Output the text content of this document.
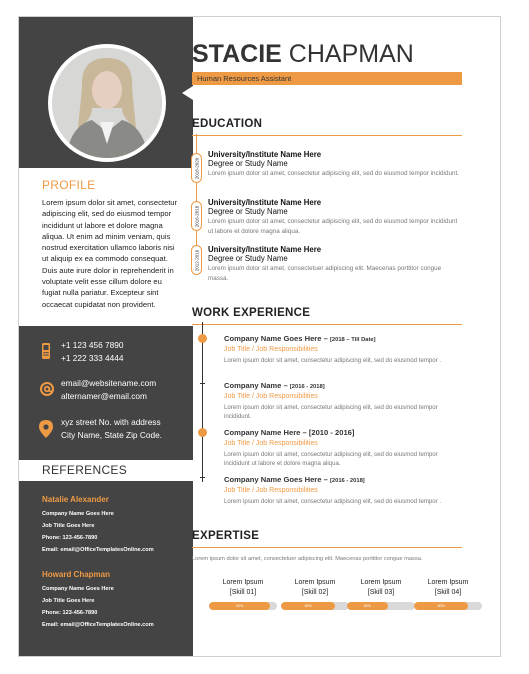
PROFILE
Lorem ipsum dolor sit amet, consectetur adipiscing elit, sed do eiusmod tempor incididunt ut labore et dolore magna aliqua. Ut enim ad minim veniam, quis nostrud exercitation ullamco laboris nisi ut aliquip ex ea commodo consequat. Duis aute irure dolor in reprehenderit in voluptate velit esse cillum dolore eu fugiat nulla pariatur. Excepteur sint occaecat cupidatat non provident.
+1 123 456 7890
+1 222 333 4444
email@websitename.com
alternamer@email.com
xyz street No. with address
City Name, State Zip Code.
REFERENCES
Natalie Alexander
Company Name Goes Here
Job Title Goes Here
Phone: 123-456-7890
Email: email@OfficeTemplatesOnline.com
Howard Chapman
Company Name Goes Here
Job Title Goes Here
Phone: 123-456-7890
Email: email@OfficeTemplatesOnline.com
STACIE CHAPMAN
Human Resources Assistant
EDUCATION
2018-2020
University/Institute Name Here
Degree or Study Name
Lorem ipsum dolor sit amet, consectetur adipiscing elit, sed do eiusmod tempor incididunt.
2016-2018
University/Institute Name Here
Degree or Study Name
Lorem ipsum dolor sit amet, consectetur adipiscing elit, sed do eiusmod tempor incididunt ut labore et dolore magna aliqua.
2012-2016 University/Institute Name Here
Degree or Study Name
Lorem ipsum dolor sit amet, consectetuer adipiscing elit. Maecenas porttitor congue massa.
WORK EXPERIENCE
Company Name Goes Here – [2018 – Till Date]
Job Title / Job Responsibilities
Lorem ipsum dolor sit amet, consectetur adipiscing elit, sed do eiusmod tempor .
Company Name – [2016 - 2018]
Job Title / Job Responsibilities
Lorem ipsum dolor sit amet, consectetur adipiscing elit, sed do eiusmod tempor incididunt.
Company Name Here – [2010 - 2016]
Job Title / Job Responsibilities
Lorem ipsum dolor sit amet, consectetur adipiscing elit, sed do eiusmod tempor incididunt ut labore et dolore magna aliqua.
Company Name Goes Here – [2016 - 2018]
Job Title / Job Responsibilities
Lorem ipsum dolor sit amet, consectetur adipiscing elit, sed do eiusmod tempor .
EXPERTISE
Lorem ipsum dolor sit amet, consectetuer adipiscing elit. Maecenas porttitor congue massa.
Lorem Ipsum
[Skill 01]
90%
Lorem Ipsum
[Skill 02]
80%
Lorem Ipsum
[Skill 03]
60%
Lorem Ipsum
[Skill 04]
80%
